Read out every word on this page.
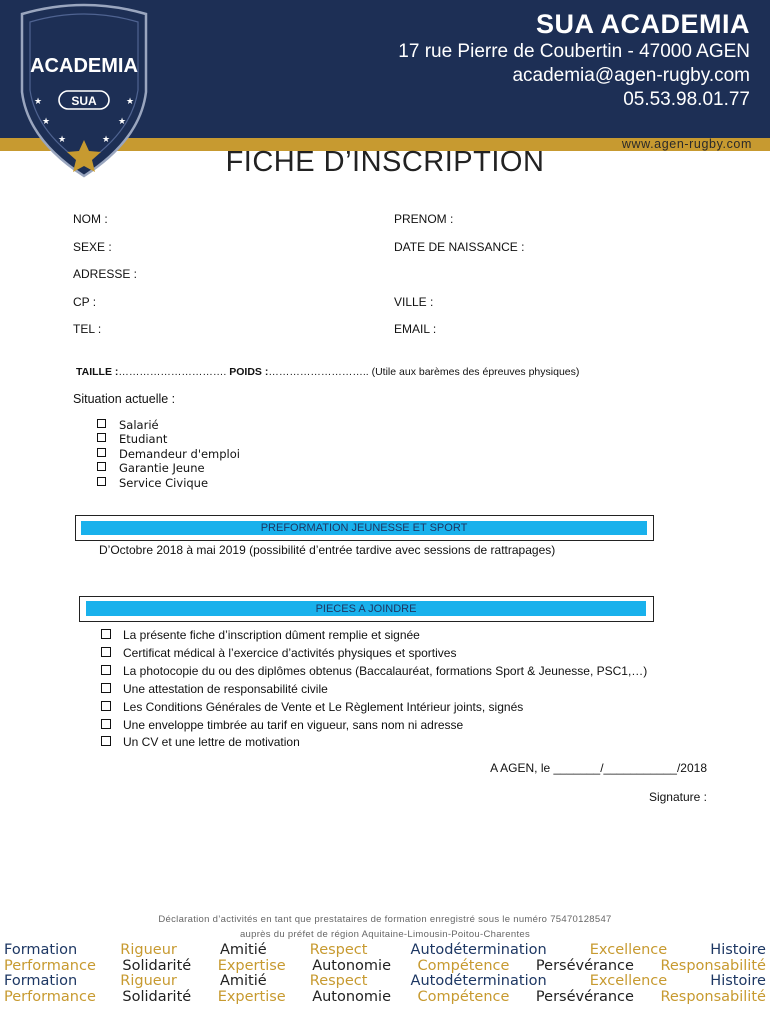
www.agen-rugby.com
ACADEMIA
SUA
★	★
★	★
★	★
SUA ACADEMIA
17 rue Pierre de Coubertin - 47000 AGEN
academia@agen-rugby.com
05.53.98.01.77
FICHE D’INSCRIPTION
NOM :	PRENOM :
SEXE :	DATE DE NAISSANCE :
ADRESSE :
CP :	VILLE :
TEL :	EMAIL :
TAILLE :…………………………. POIDS :……………………….. (Utile aux barèmes des épreuves physiques)
Situation actuelle :
Salarié
Etudiant
Demandeur d'emploi
Garantie Jeune
Service Civique
PREFORMATION JEUNESSE ET SPORT
D’Octobre 2018 à mai 2019 (possibilité d’entrée tardive avec sessions de rattrapages)
PIECES A JOINDRE
La présente fiche d’inscription dûment remplie et signée
Certificat médical à l’exercice d’activités physiques et sportives
La photocopie du ou des diplômes obtenus (Baccalauréat, formations Sport & Jeunesse, PSC1,…)
Une attestation de responsabilité civile
Les Conditions Générales de Vente et Le Règlement Intérieur joints, signés
Une enveloppe timbrée au tarif en vigueur, sans nom ni adresse
Un CV et une lettre de motivation
A AGEN, le _______/___________/2018
Signature :
Déclaration d’activités en tant que prestataires de formation enregistré sous le numéro 75470128547
auprès du préfet de région Aquitaine-Limousin-Poitou-Charentes
Formation	Rigueur	Amitié	Respect	Autodétermination	Excellence	Histoire
Performance Solidarité Expertise Autonomie Compétence Persévérance Responsabilité
Formation	Rigueur	Amitié	Respect	Autodétermination	Excellence	Histoire
Performance Solidarité Expertise Autonomie Compétence Persévérance Responsabilité
